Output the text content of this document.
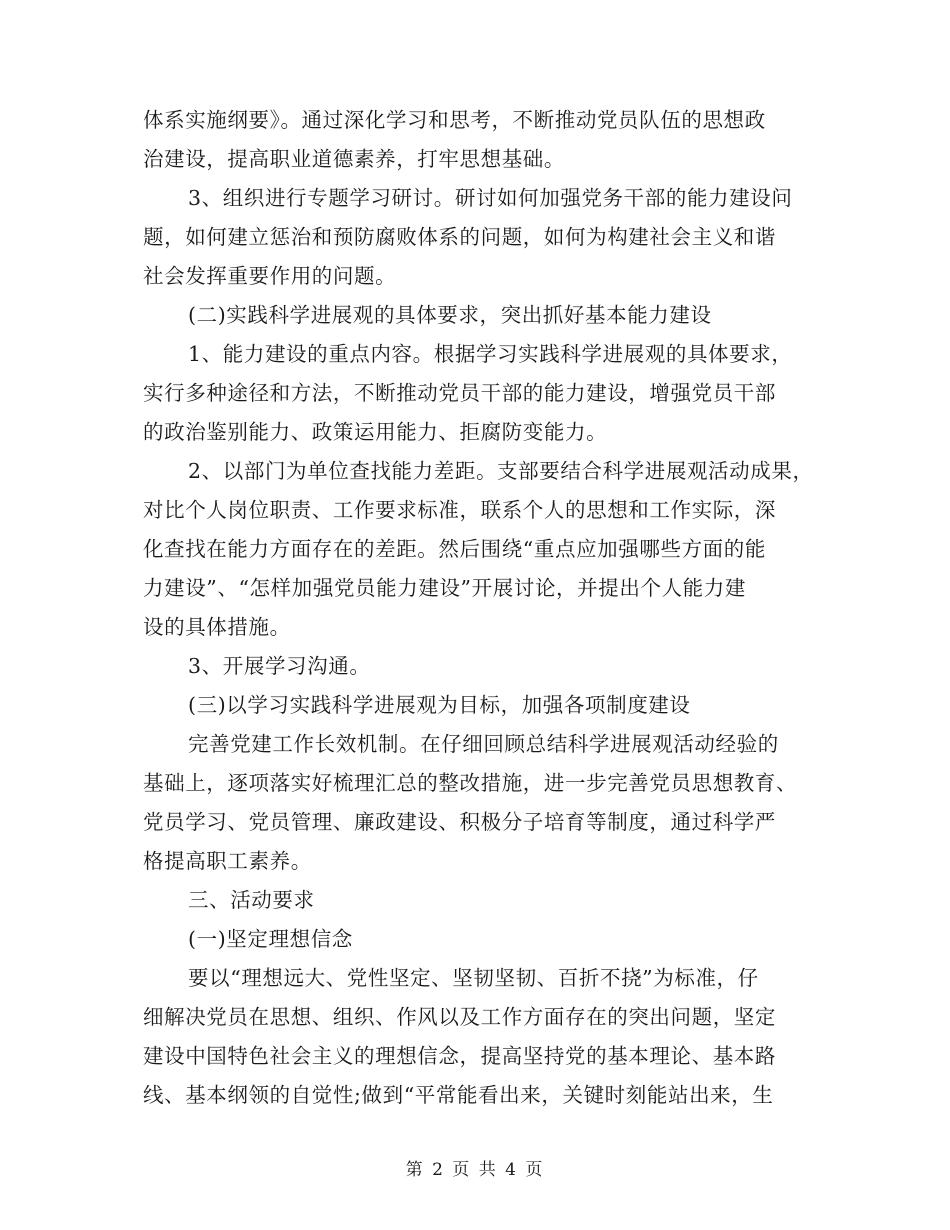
体系实施纲要》。通过深化学习和思考，不断推动党员队伍的思想政
治建设，提高职业道德素养，打牢思想基础。
3、组织进行专题学习研讨。研讨如何加强党务干部的能力建设问
题，如何建立惩治和预防腐败体系的问题，如何为构建社会主义和谐
社会发挥重要作用的问题。
(二)实践科学进展观的具体要求，突出抓好基本能力建设
1、能力建设的重点内容。根据学习实践科学进展观的具体要求，
实行多种途径和方法，不断推动党员干部的能力建设，增强党员干部
的政治鉴别能力、政策运用能力、拒腐防变能力。
2、以部门为单位查找能力差距。支部要结合科学进展观活动成果，
对比个人岗位职责、工作要求标准，联系个人的思想和工作实际，深
化查找在能力方面存在的差距。然后围绕“重点应加强哪些方面的能
力建设”、“怎样加强党员能力建设”开展讨论，并提出个人能力建
设的具体措施。
3、开展学习沟通。
(三)以学习实践科学进展观为目标，加强各项制度建设
完善党建工作长效机制。在仔细回顾总结科学进展观活动经验的
基础上，逐项落实好梳理汇总的整改措施，进一步完善党员思想教育、
党员学习、党员管理、廉政建设、积极分子培育等制度，通过科学严
格提高职工素养。
三、活动要求
(一)坚定理想信念
要以“理想远大、党性坚定、坚韧坚韧、百折不挠”为标准，仔
细解决党员在思想、组织、作风以及工作方面存在的突出问题，坚定
建设中国特色社会主义的理想信念，提高坚持党的基本理论、基本路
线、基本纲领的自觉性;做到“平常能看出来，关键时刻能站出来，生
第 2 页 共 4 页
